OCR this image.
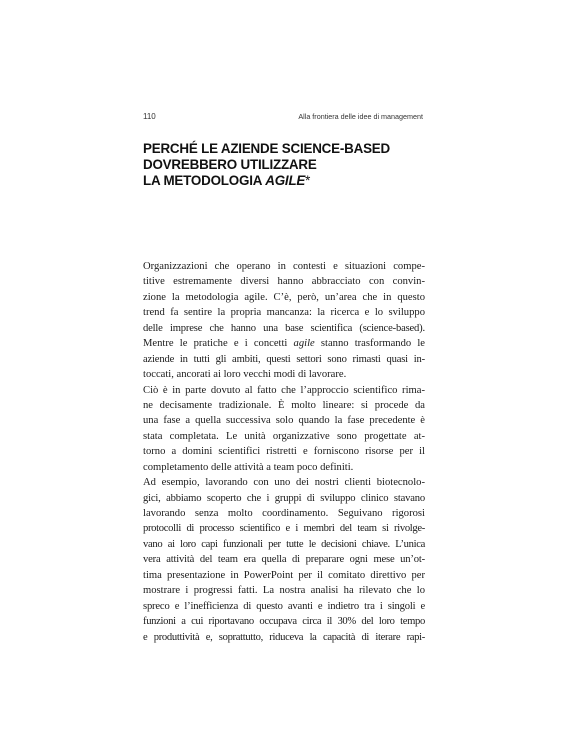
110	Alla frontiera delle idee di management
PERCHÉ LE AZIENDE SCIENCE-BASED
DOVREBBERO UTILIZZARE
LA METODOLOGIA AGILE*
Organizzazioni che operano in contesti e situazioni compe-
titive estremamente diversi hanno abbracciato con convin-
zione la metodologia agile. C’è, però, un’area che in questo
trend fa sentire la propria mancanza: la ricerca e lo sviluppo
delle imprese che hanno una base scientifica (science-based).
Mentre le pratiche e i concetti agile stanno trasformando le
aziende in tutti gli ambiti, questi settori sono rimasti quasi in-
toccati, ancorati ai loro vecchi modi di lavorare.
Ciò è in parte dovuto al fatto che l’approccio scientifico rima-
ne decisamente tradizionale. È molto lineare: si procede da
una fase a quella successiva solo quando la fase precedente è
stata completata. Le unità organizzative sono progettate at-
torno a domini scientifici ristretti e forniscono risorse per il
completamento delle attività a team poco definiti.
Ad esempio, lavorando con uno dei nostri clienti biotecnolo-
gici, abbiamo scoperto che i gruppi di sviluppo clinico stavano
lavorando senza molto coordinamento. Seguivano rigorosi
protocolli di processo scientifico e i membri del team si rivolge-
vano ai loro capi funzionali per tutte le decisioni chiave. L’unica
vera attività del team era quella di preparare ogni mese un’ot-
tima presentazione in PowerPoint per il comitato direttivo per
mostrare i progressi fatti. La nostra analisi ha rilevato che lo
spreco e l’inefficienza di questo avanti e indietro tra i singoli e
funzioni a cui riportavano occupava circa il 30% del loro tempo
e produttività e, soprattutto, riduceva la capacità di iterare rapi-
